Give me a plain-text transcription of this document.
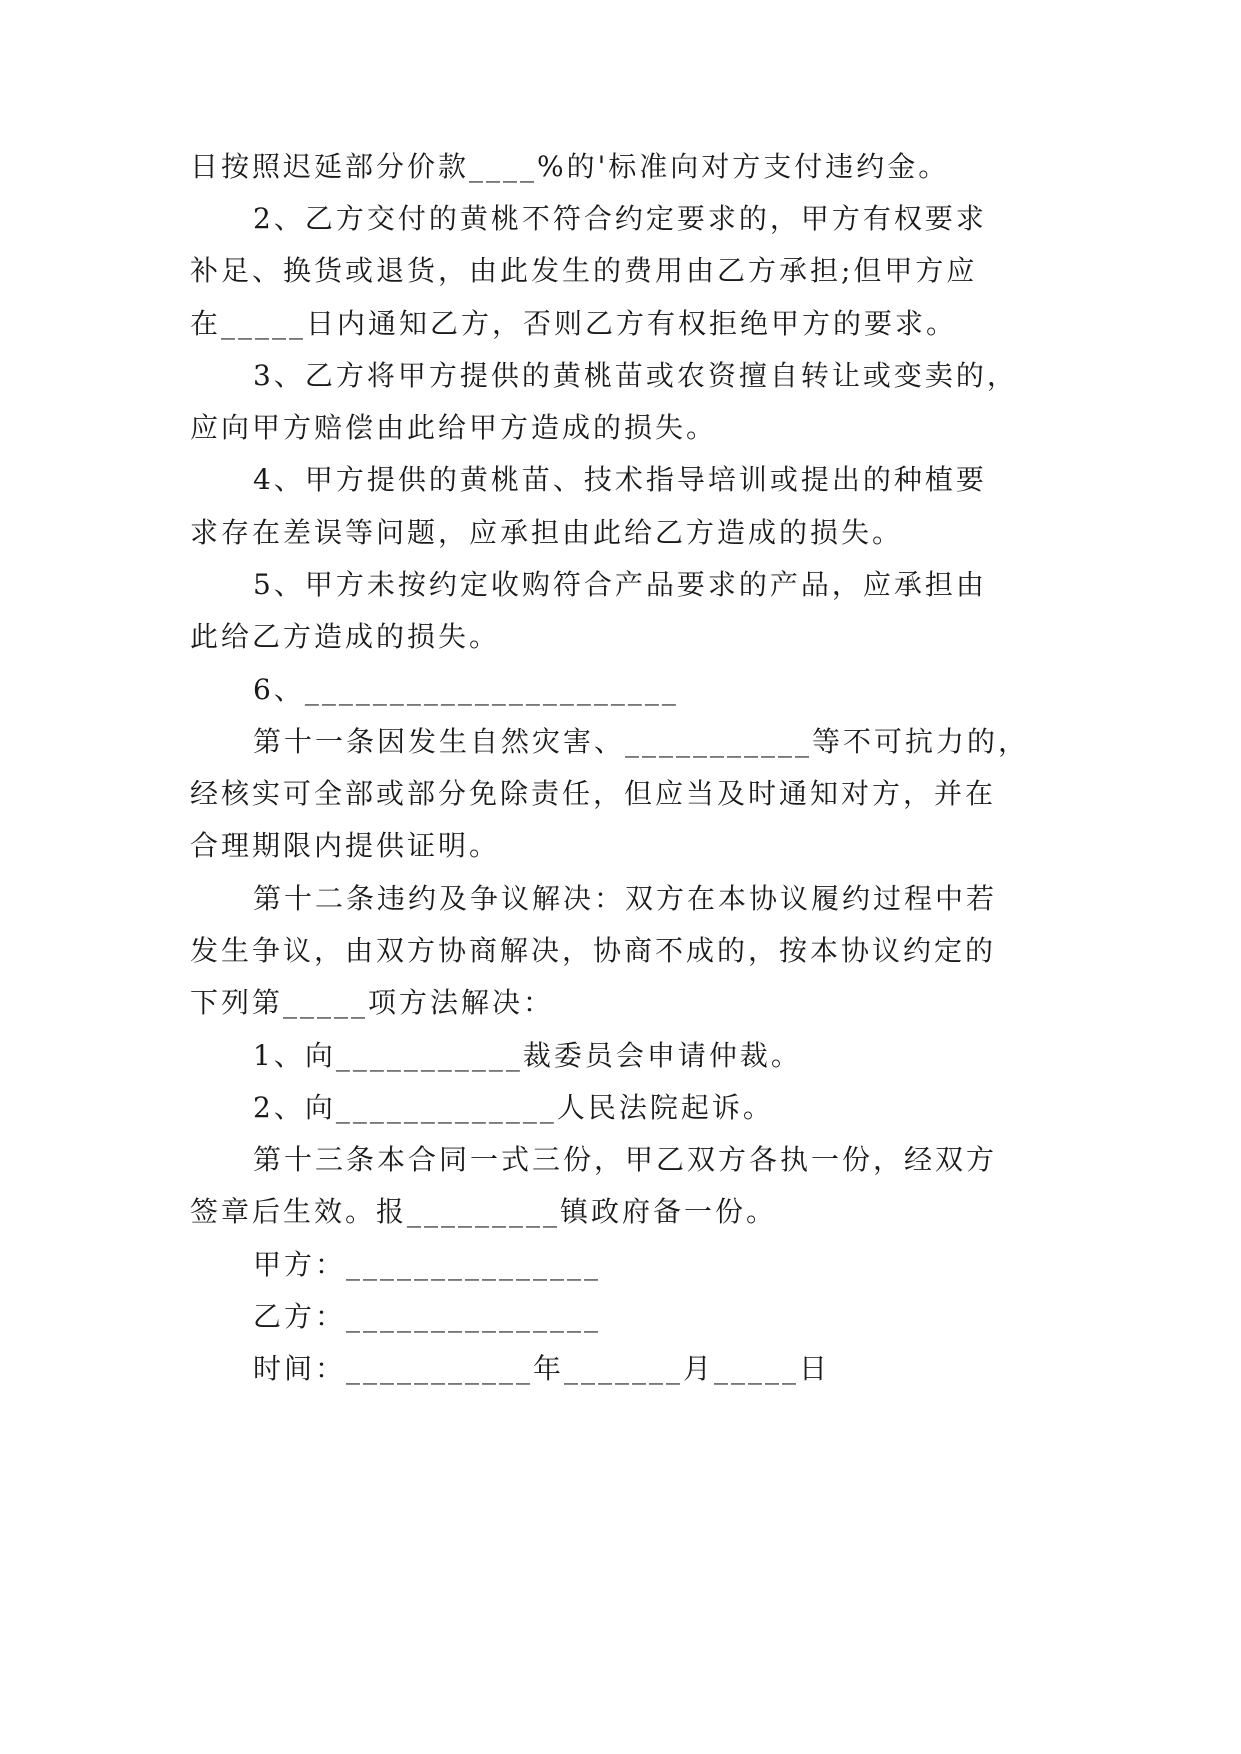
日按照迟延部分价款____%的'标准向对方支付违约金。
2、乙方交付的黄桃不符合约定要求的，甲方有权要求
补足、换货或退货，由此发生的费用由乙方承担;但甲方应
在_____日内通知乙方，否则乙方有权拒绝甲方的要求。
3、乙方将甲方提供的黄桃苗或农资擅自转让或变卖的，
应向甲方赔偿由此给甲方造成的损失。
4、甲方提供的黄桃苗、技术指导培训或提出的种植要
求存在差误等问题，应承担由此给乙方造成的损失。
5、甲方未按约定收购符合产品要求的产品，应承担由
此给乙方造成的损失。
6、______________________
第十一条因发生自然灾害、___________等不可抗力的，
经核实可全部或部分免除责任，但应当及时通知对方，并在
合理期限内提供证明。
第十二条违约及争议解决：双方在本协议履约过程中若
发生争议，由双方协商解决，协商不成的，按本协议约定的
下列第_____项方法解决：
1、向___________裁委员会申请仲裁。
2、向_____________人民法院起诉。
第十三条本合同一式三份，甲乙双方各执一份，经双方
签章后生效。报_________镇政府备一份。
甲方：_______________
乙方：_______________
时间：___________年_______月_____日
